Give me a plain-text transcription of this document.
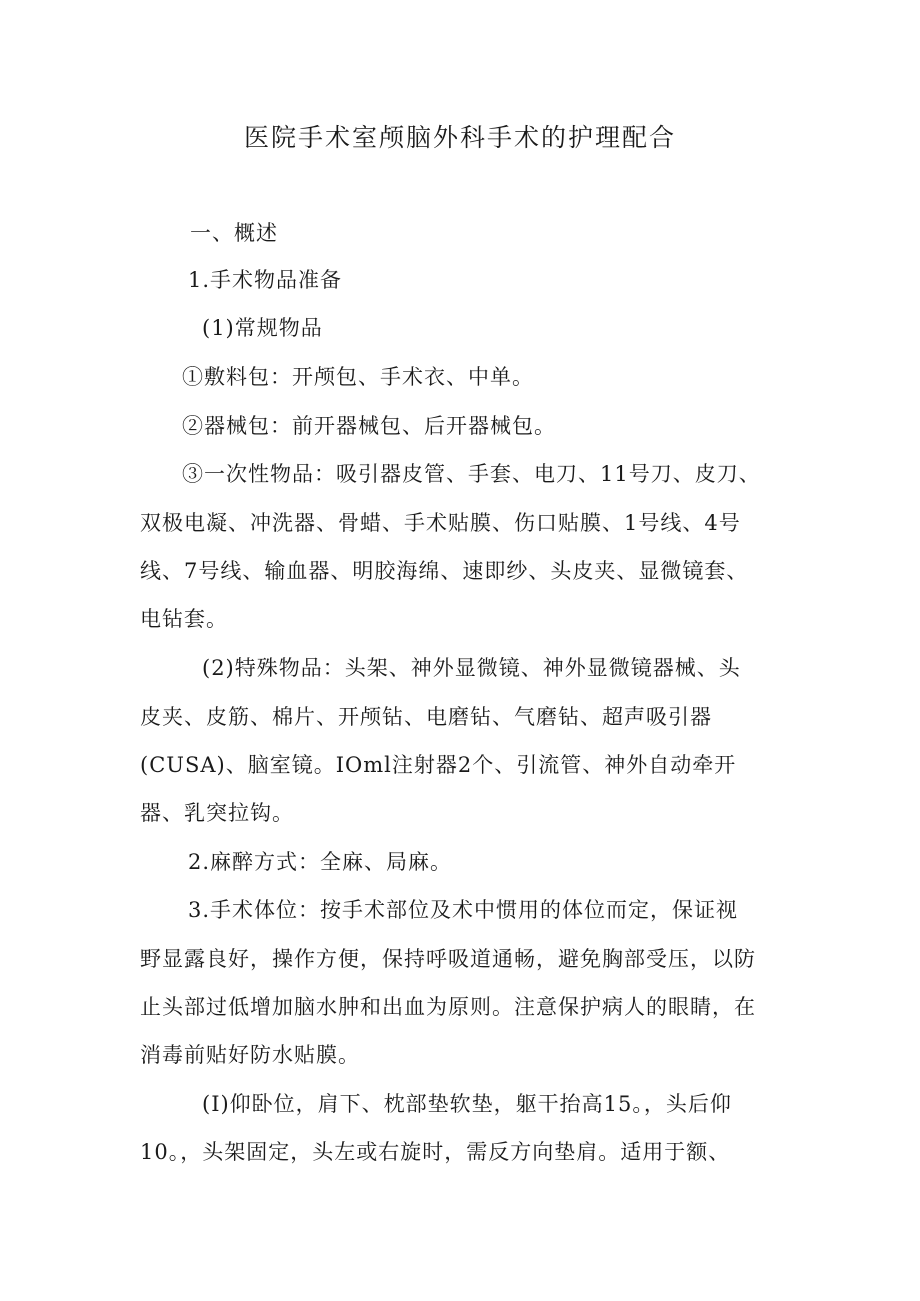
医院手术室颅脑外科手术的护理配合
一、概述
1.手术物品准备
(1)常规物品
①敷料包：开颅包、手术衣、中单。
②器械包：前开器械包、后开器械包。
③一次性物品：吸引器皮管、手套、电刀、11号刀、皮刀、
双极电凝、冲洗器、骨蜡、手术贴膜、伤口贴膜、1号线、4号
线、7号线、输血器、明胶海绵、速即纱、头皮夹、显微镜套、
电钻套。
(2)特殊物品：头架、神外显微镜、神外显微镜器械、头
皮夹、皮筋、棉片、开颅钻、电磨钻、气磨钻、超声吸引器
(CUSA)、脑室镜。IOml注射器2个、引流管、神外自动牵开
器、乳突拉钩。
2.麻醉方式：全麻、局麻。
3.手术体位：按手术部位及术中惯用的体位而定，保证视
野显露良好，操作方便，保持呼吸道通畅，避免胸部受压，以防
止头部过低增加脑水肿和出血为原则。注意保护病人的眼睛，在
消毒前贴好防水贴膜。
(I)仰卧位，肩下、枕部垫软垫，躯干抬高15。，头后仰
10。，头架固定，头左或右旋时，需反方向垫肩。适用于额、
